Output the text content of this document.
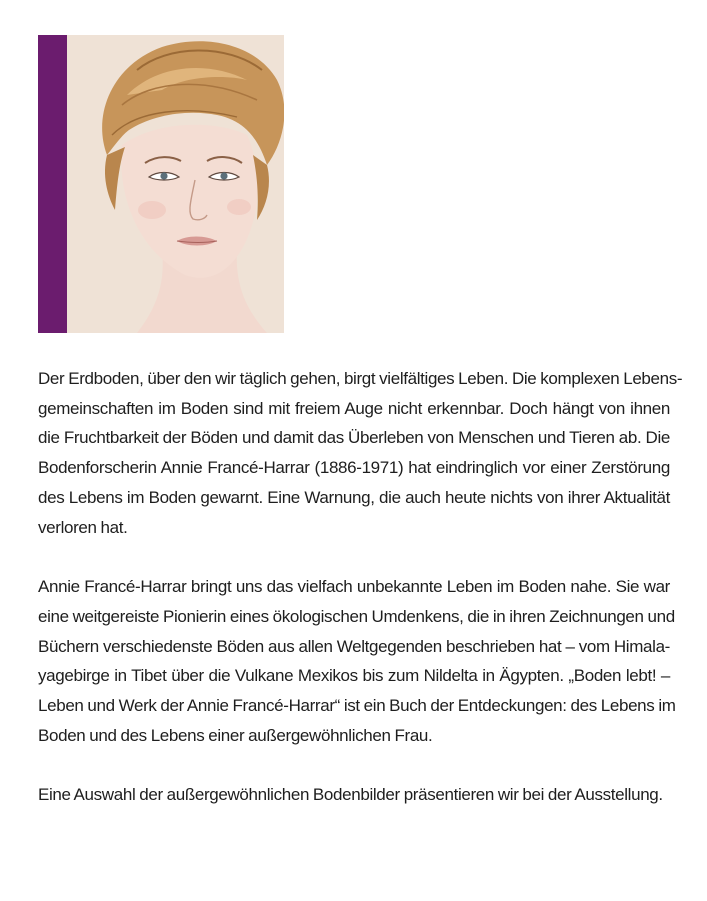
Der Erdboden, über den wir täglich gehen, birgt vielfältiges Leben. Die komplexen Lebens-
gemeinschaften im Boden sind mit freiem Auge nicht erkennbar. Doch hängt von ihnen
die Fruchtbarkeit der Böden und damit das Überleben von Menschen und Tieren ab. Die
Bodenforscherin Annie Francé-Harrar (1886-1971) hat eindringlich vor einer Zerstörung
des Lebens im Boden gewarnt. Eine Warnung, die auch heute nichts von ihrer Aktualität
verloren hat.

Annie Francé-Harrar bringt uns das vielfach unbekannte Leben im Boden nahe. Sie war
eine weitgereiste Pionierin eines ökologischen Umdenkens, die in ihren Zeichnungen und
Büchern verschiedenste Böden aus allen Weltgegenden beschrieben hat – vom Himala-
yagebirge in Tibet über die Vulkane Mexikos bis zum Nildelta in Ägypten. „Boden lebt! –
Leben und Werk der Annie Francé-Harrar“ ist ein Buch der Entdeckungen: des Lebens im
Boden und des Lebens einer außergewöhnlichen Frau.

Eine Auswahl der außergewöhnlichen Bodenbilder präsentieren wir bei der Ausstellung.
